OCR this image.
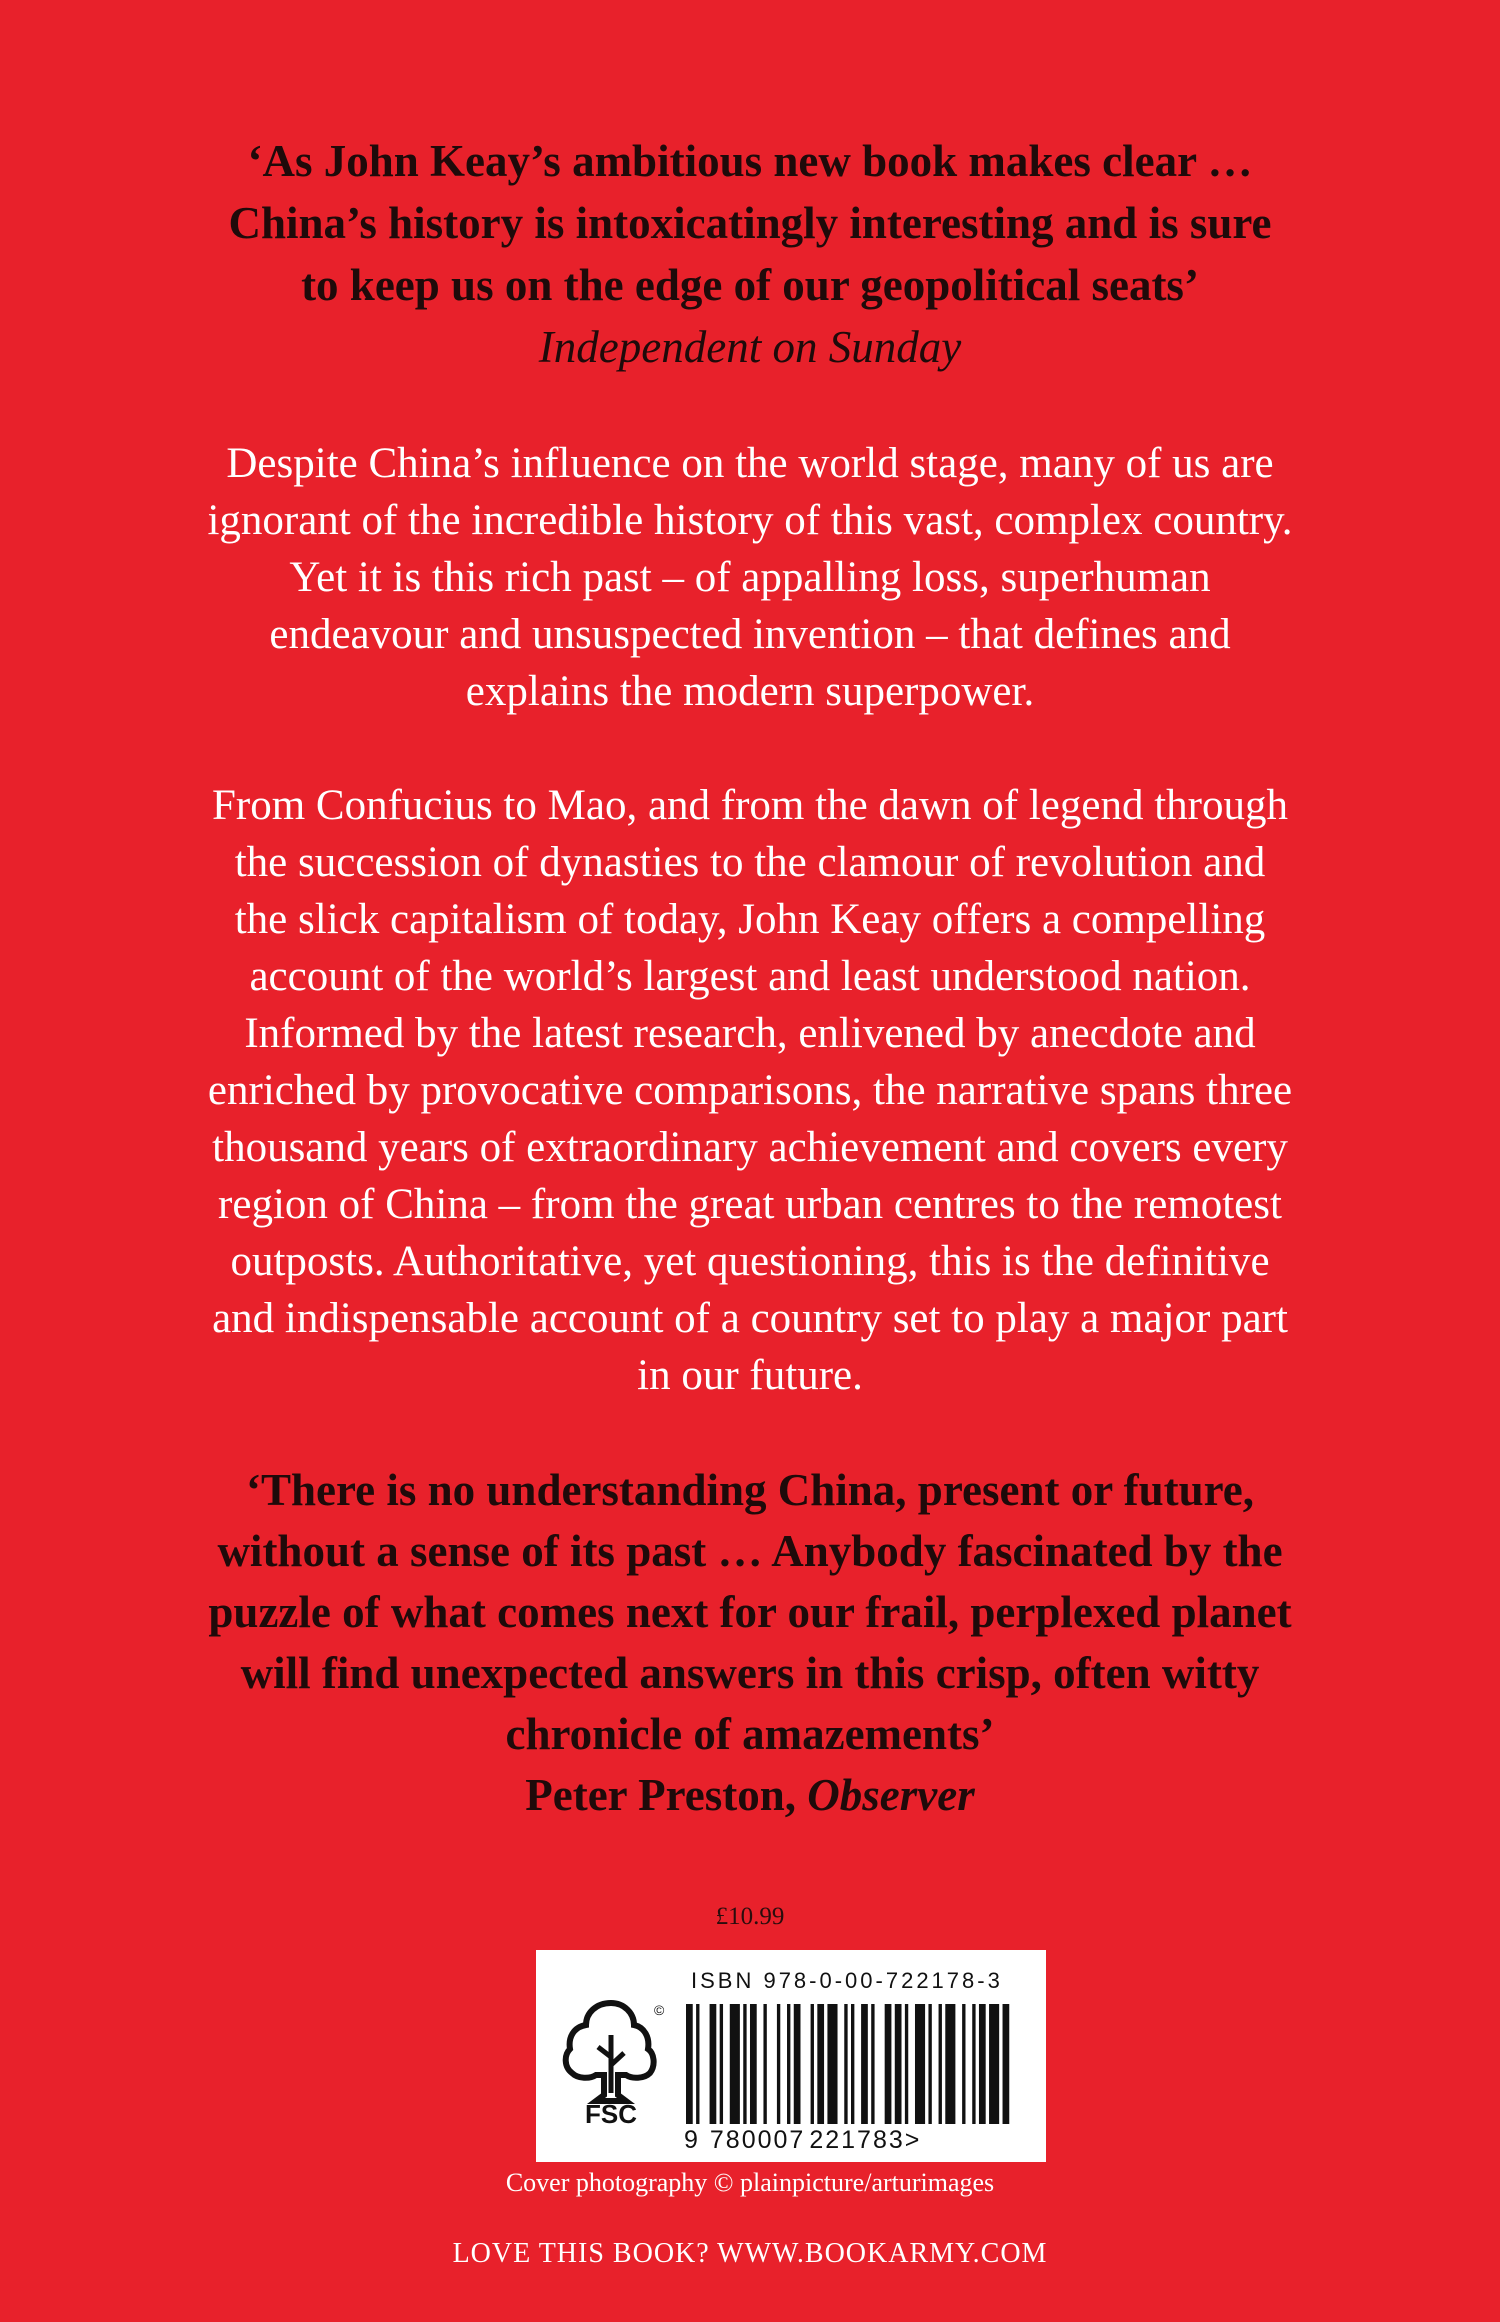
‘As John Keay’s ambitious new book makes clear …
China’s history is intoxicatingly interesting and is sure
to keep us on the edge of our geopolitical seats’
Independent on Sunday
Despite China’s influence on the world stage, many of us are
ignorant of the incredible history of this vast, complex country.
Yet it is this rich past – of appalling loss, superhuman
endeavour and unsuspected invention – that defines and
explains the modern superpower.
From Confucius to Mao, and from the dawn of legend through
the succession of dynasties to the clamour of revolution and
the slick capitalism of today, John Keay offers a compelling
account of the world’s largest and least understood nation.
Informed by the latest research, enlivened by anecdote and
enriched by provocative comparisons, the narrative spans three
thousand years of extraordinary achievement and covers every
region of China – from the great urban centres to the remotest
outposts. Authoritative, yet questioning, this is the definitive
and indispensable account of a country set to play a major part
in our future.
‘There is no understanding China, present or future,
without a sense of its past … Anybody fascinated by the
puzzle of what comes next for our frail, perplexed planet
will find unexpected answers in this crisp, often witty
chronicle of amazements’
Peter Preston, Observer
£10.99
ISBN 978-0-00-722178-3
©
FSC
9 780007 221783>
Cover photography © plainpicture/arturimages
LOVE THIS BOOK? WWW.BOOKARMY.COM
